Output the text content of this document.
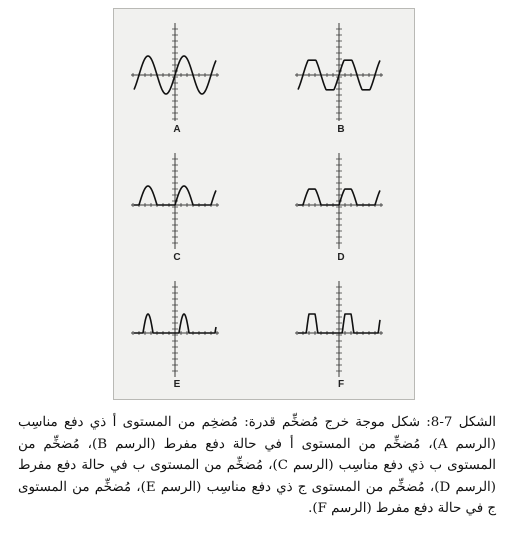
A	B
C	D
E	F
الشكل 7-8: شكل موجة خرج مُضخِّم قدرة: مُضخِم من المستوى أ ذي دفع مناسِب (الرسم A)، مُضخِّم من المستوى أ في حالة دفع مفرط (الرسم B)، مُضخِّم من المستوى ب ذي دفع مناسِب (الرسم C)، مُضخِّم من المستوى ب في حالة دفع مفرط (الرسم D)، مُضخِّم من المستوى ج ذي دفع مناسِب (الرسم E)، مُضخِّم من المستوى ج في حالة دفع مفرط (الرسم F).
